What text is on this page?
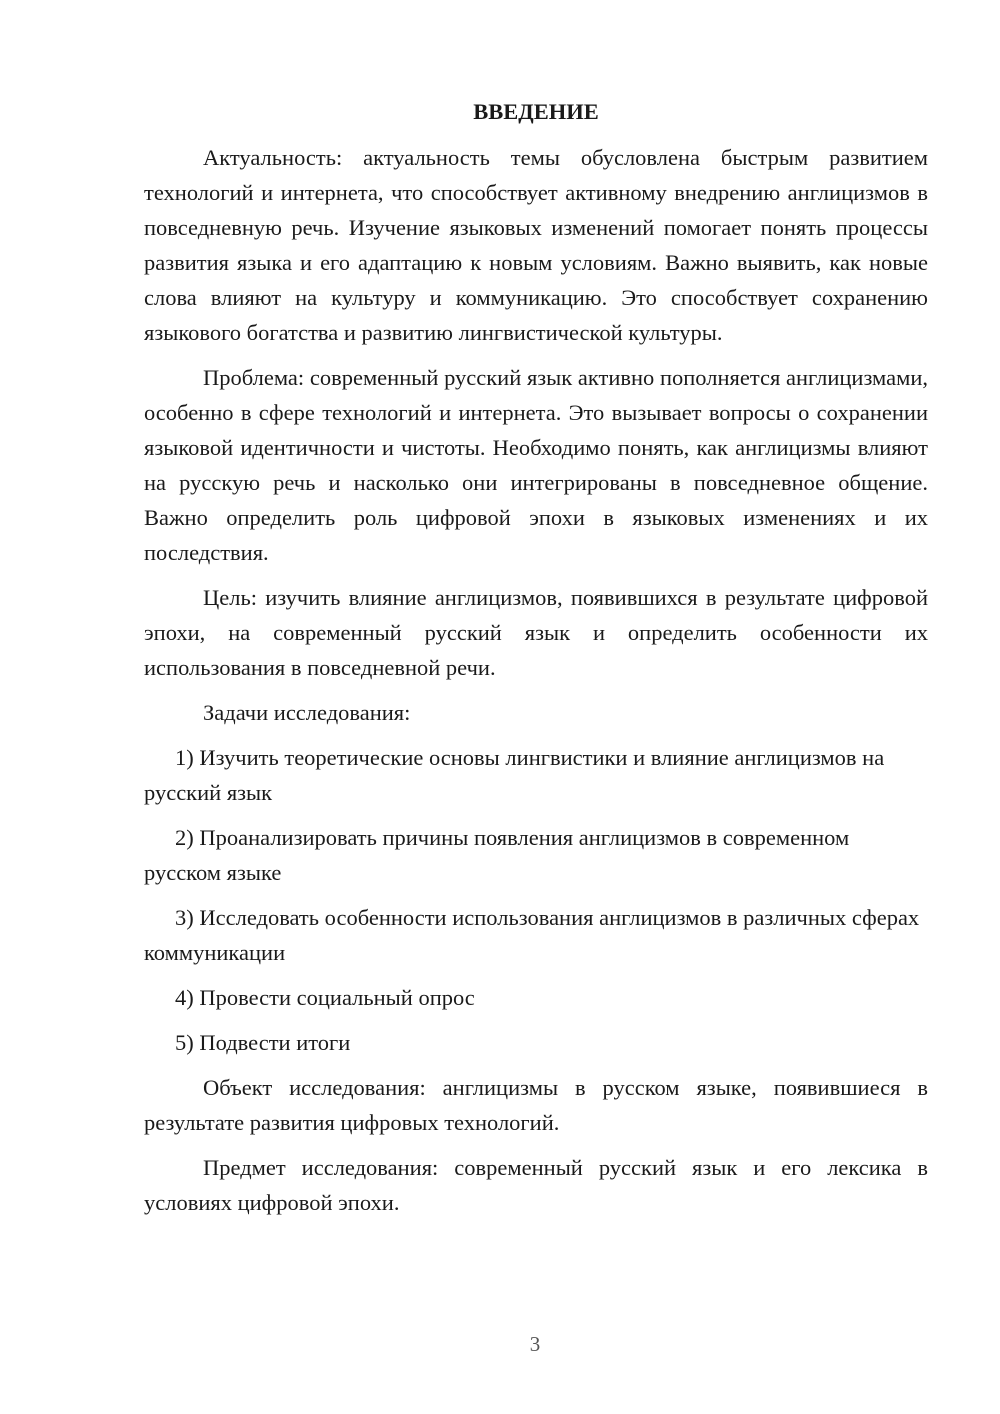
ВВЕДЕНИЕ

Актуальность: актуальность темы обусловлена быстрым развитием технологий и интернета, что способствует активному внедрению англицизмов в повседневную речь. Изучение языковых изменений помогает понять процессы развития языка и его адаптацию к новым условиям. Важно выявить, как новые слова влияют на культуру и коммуникацию. Это способствует сохранению языкового богатства и развитию лингвистической культуры.

Проблема: современный русский язык активно пополняется англицизмами, особенно в сфере технологий и интернета. Это вызывает вопросы о сохранении языковой идентичности и чистоты. Необходимо понять, как англицизмы влияют на русскую речь и насколько они интегрированы в повседневное общение. Важно определить роль цифровой эпохи в языковых изменениях и их последствия.

Цель: изучить влияние англицизмов, появившихся в результате цифровой эпохи, на современный русский язык и определить особенности их использования в повседневной речи.

Задачи исследования:

1) Изучить теоретические основы лингвистики и влияние англицизмов на русский язык

2) Проанализировать причины появления англицизмов в современном русском языке

3) Исследовать особенности использования англицизмов в различных сферах коммуникации

4) Провести социальный опрос

5) Подвести итоги

Объект исследования: англицизмы в русском языке, появившиеся в результате развития цифровых технологий.

Предмет исследования: современный русский язык и его лексика в условиях цифровой эпохи.

3
